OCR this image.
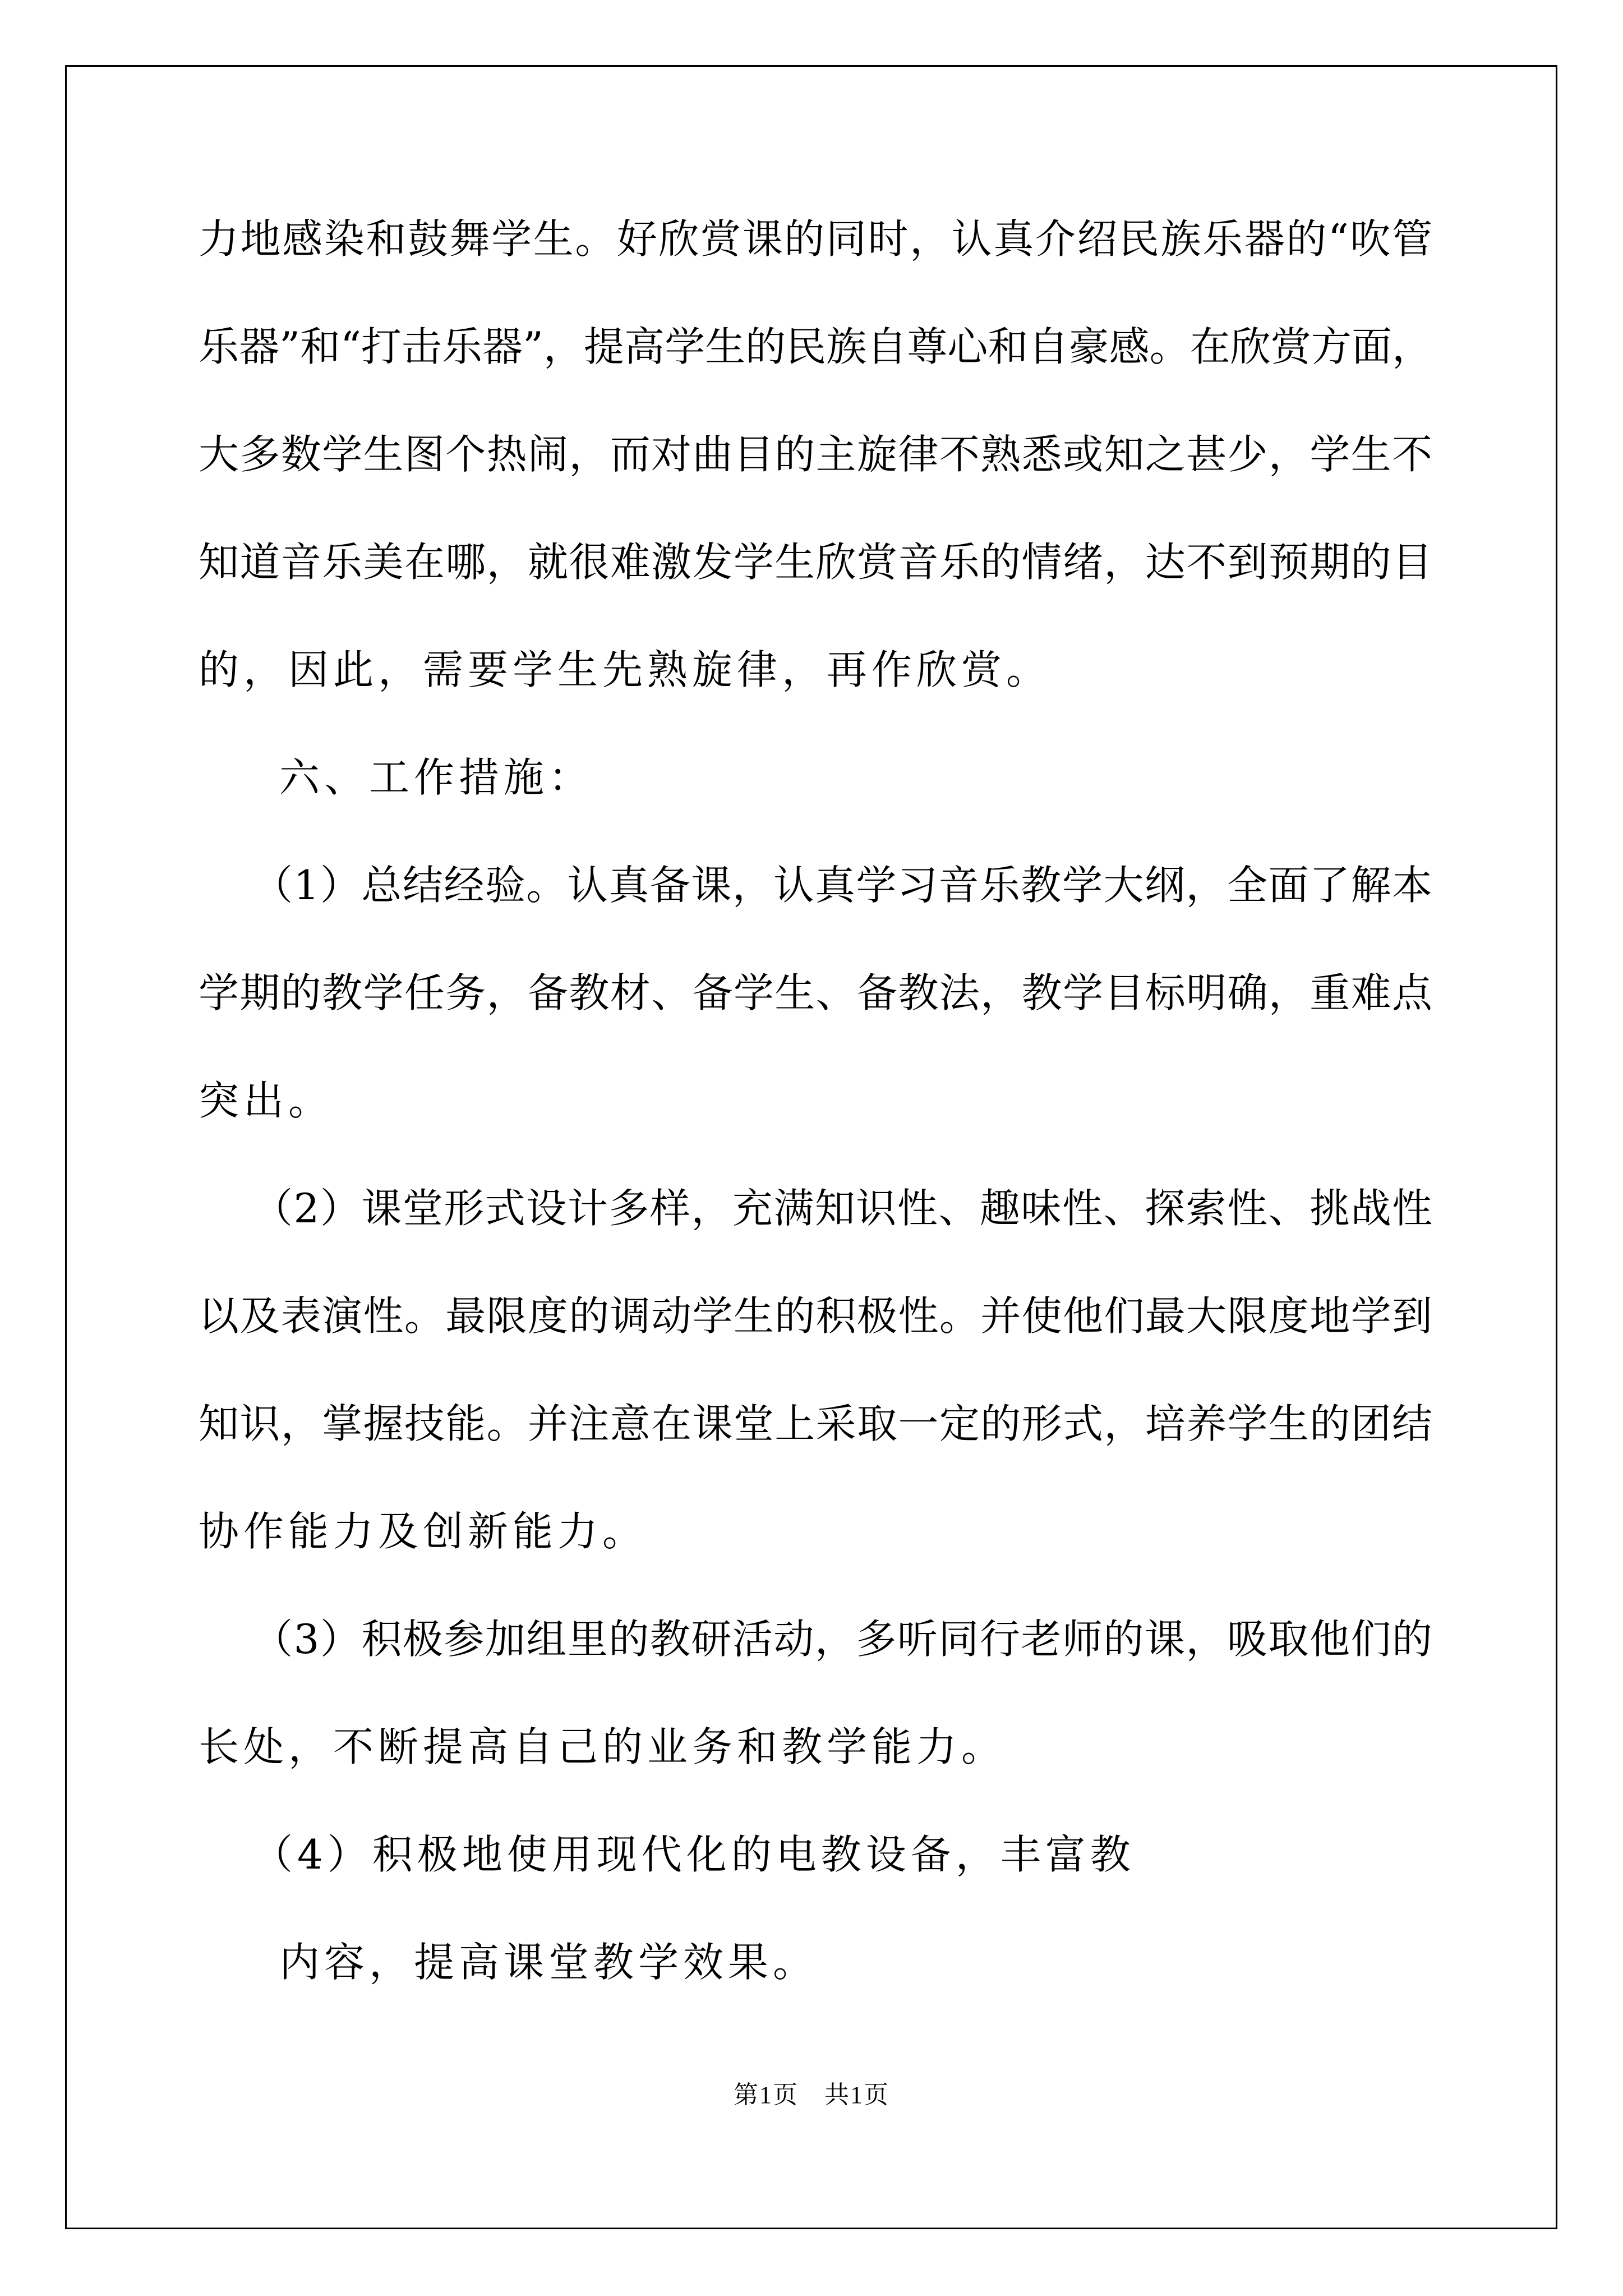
力地感染和鼓舞学生。好欣赏课的同时，认真介绍民族乐器的“吹管
乐器”和“打击乐器”，提高学生的民族自尊心和自豪感。在欣赏方面，
大多数学生图个热闹，而对曲目的主旋律不熟悉或知之甚少，学生不
知道音乐美在哪，就很难激发学生欣赏音乐的情绪，达不到预期的目
的，因此，需要学生先熟旋律，再作欣赏。
六、工作措施：
（1）总结经验。认真备课，认真学习音乐教学大纲，全面了解本
学期的教学任务，备教材、备学生、备教法，教学目标明确，重难点
突出。
（2）课堂形式设计多样，充满知识性、趣味性、探索性、挑战性
以及表演性。最限度的调动学生的积极性。并使他们最大限度地学到
知识，掌握技能。并注意在课堂上采取一定的形式，培养学生的团结
协作能力及创新能力。
（3）积极参加组里的教研活动，多听同行老师的课，吸取他们的
长处，不断提高自己的业务和教学能力。
（4）积极地使用现代化的电教设备，丰富教
内容，提高课堂教学效果。
第1页　共1页
